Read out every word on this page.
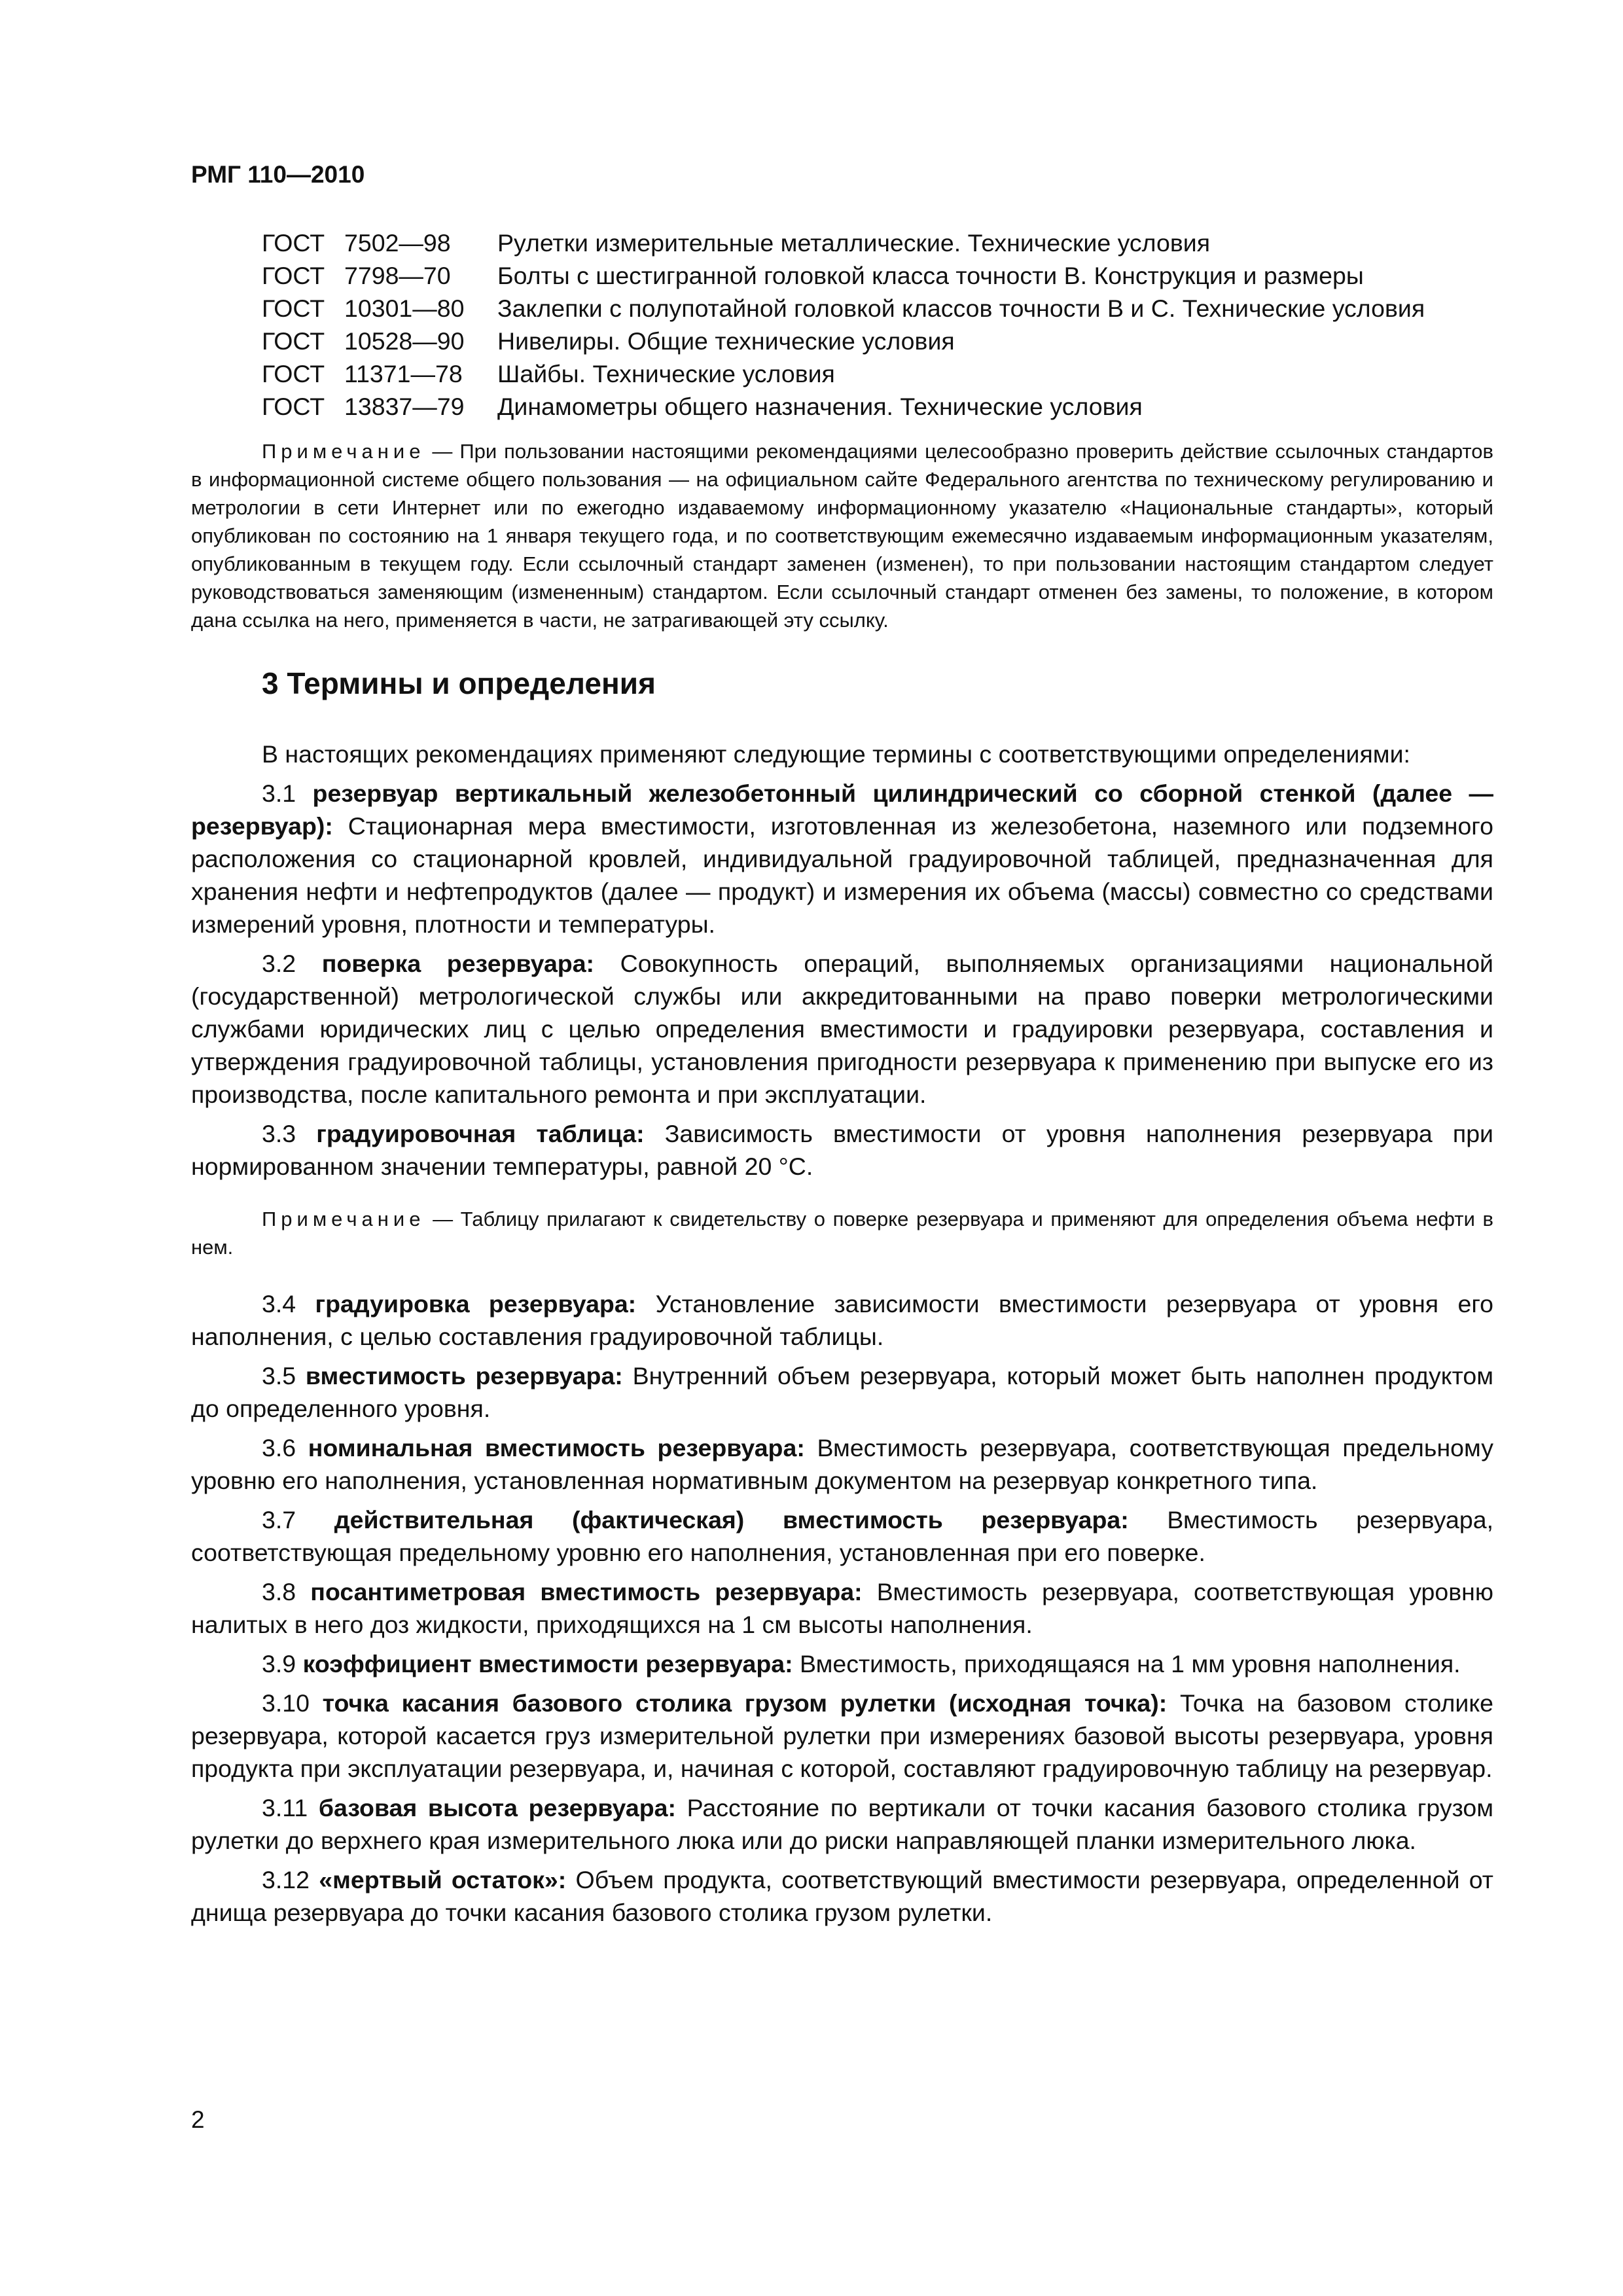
РМГ 110—2010
ГОСТ 7502—98	Рулетки измерительные металлические. Технические условия
ГОСТ 7798—70	Болты с шестигранной головкой класса точности В. Конструкция и размеры
ГОСТ 10301—80	Заклепки с полупотайной головкой классов точности В и С. Технические условия
ГОСТ 10528—90	Нивелиры. Общие технические условия
ГОСТ 11371—78	Шайбы. Технические условия
ГОСТ 13837—79	Динамометры общего назначения. Технические условия

Примечание — При пользовании настоящими рекомендациями целесообразно проверить действие ссылочных стандартов в информационной системе общего пользования — на официальном сайте Федерального агентства по техническому регулированию и метрологии в сети Интернет или по ежегодно издаваемому информационному указателю «Национальные стандарты», который опубликован по состоянию на 1 января текущего года, и по соответствующим ежемесячно издаваемым информационным указателям, опубликованным в текущем году. Если ссылочный стандарт заменен (изменен), то при пользовании настоящим стандартом следует руководствоваться заменяющим (измененным) стандартом. Если ссылочный стандарт отменен без замены, то положение, в котором дана ссылка на него, применяется в части, не затрагивающей эту ссылку.

3 Термины и определения

В настоящих рекомендациях применяют следующие термины с соответствующими определениями:

3.1 резервуар вертикальный железобетонный цилиндрический со сборной стенкой (далее — резервуар): Стационарная мера вместимости, изготовленная из железобетона, наземного или подземного расположения со стационарной кровлей, индивидуальной градуировочной таблицей, предназначенная для хранения нефти и нефтепродуктов (далее — продукт) и измерения их объема (массы) совместно со средствами измерений уровня, плотности и температуры.

3.2 поверка резервуара: Совокупность операций, выполняемых организациями национальной (государственной) метрологической службы или аккредитованными на право поверки метрологическими службами юридических лиц с целью определения вместимости и градуировки резервуара, составления и утверждения градуировочной таблицы, установления пригодности резервуара к применению при выпуске его из производства, после капитального ремонта и при эксплуатации.

3.3 градуировочная таблица: Зависимость вместимости от уровня наполнения резервуара при нормированном значении температуры, равной 20 °С.

Примечание — Таблицу прилагают к свидетельству о поверке резервуара и применяют для определения объема нефти в нем.

3.4 градуировка резервуара: Установление зависимости вместимости резервуара от уровня его наполнения, с целью составления градуировочной таблицы.

3.5 вместимость резервуара: Внутренний объем резервуара, который может быть наполнен продуктом до определенного уровня.

3.6 номинальная вместимость резервуара: Вместимость резервуара, соответствующая предельному уровню его наполнения, установленная нормативным документом на резервуар конкретного типа.

3.7 действительная (фактическая) вместимость резервуара: Вместимость резервуара, соответствующая предельному уровню его наполнения, установленная при его поверке.

3.8 посантиметровая вместимость резервуара: Вместимость резервуара, соответствующая уровню налитых в него доз жидкости, приходящихся на 1 см высоты наполнения.

3.9 коэффициент вместимости резервуара: Вместимость, приходящаяся на 1 мм уровня наполнения.

3.10 точка касания базового столика грузом рулетки (исходная точка): Точка на базовом столике резервуара, которой касается груз измерительной рулетки при измерениях базовой высоты резервуара, уровня продукта при эксплуатации резервуара, и, начиная с которой, составляют градуировочную таблицу на резервуар.

3.11 базовая высота резервуара: Расстояние по вертикали от точки касания базового столика грузом рулетки до верхнего края измерительного люка или до риски направляющей планки измерительного люка.

3.12 «мертвый остаток»: Объем продукта, соответствующий вместимости резервуара, определенной от днища резервуара до точки касания базового столика грузом рулетки.

2
